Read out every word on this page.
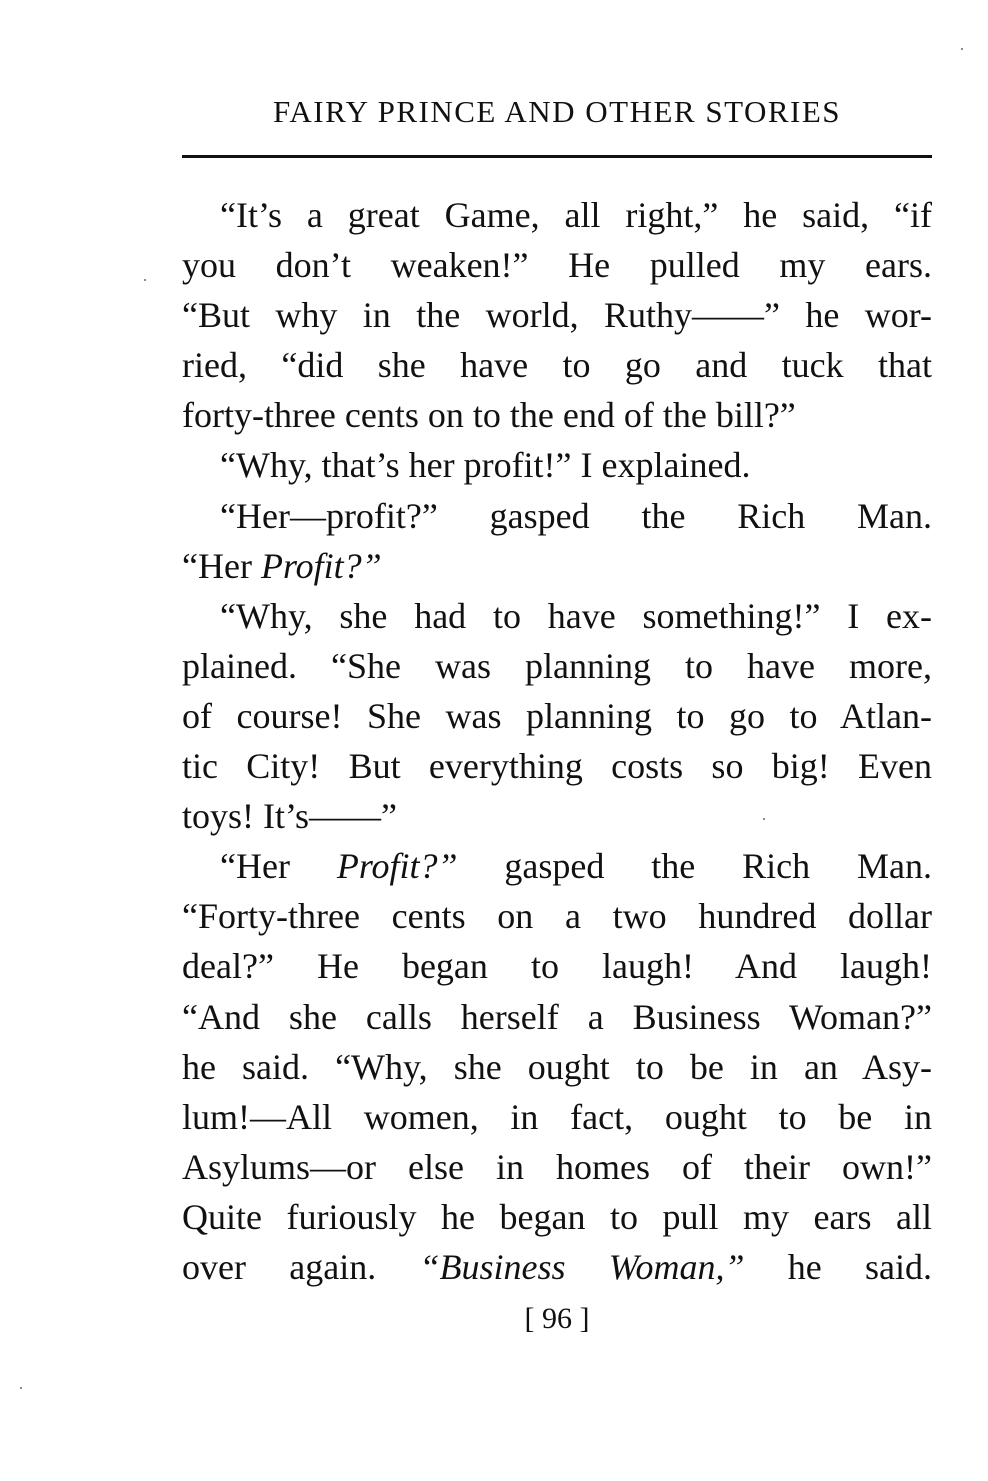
FAIRY PRINCE AND OTHER STORIES
“It’s a great Game, all right,” he said, “if
you don’t weaken!” He pulled my ears.
“But why in the world, Ruthy——” he wor-
ried, “did she have to go and tuck that
forty-three cents on to the end of the bill?”
“Why, that’s her profit!” I explained.
“Her—profit?” gasped the Rich Man.
“Her Profit?”
“Why, she had to have something!” I ex-
plained. “She was planning to have more,
of course! She was planning to go to Atlan-
tic City! But everything costs so big! Even
toys! It’s——”
“Her Profit?” gasped the Rich Man.
“Forty-three cents on a two hundred dollar
deal?” He began to laugh! And laugh!
“And she calls herself a Business Woman?”
he said. “Why, she ought to be in an Asy-
lum!—All women, in fact, ought to be in
Asylums—or else in homes of their own!”
Quite furiously he began to pull my ears all
over again. “Business Woman,” he said.
[ 96 ]
